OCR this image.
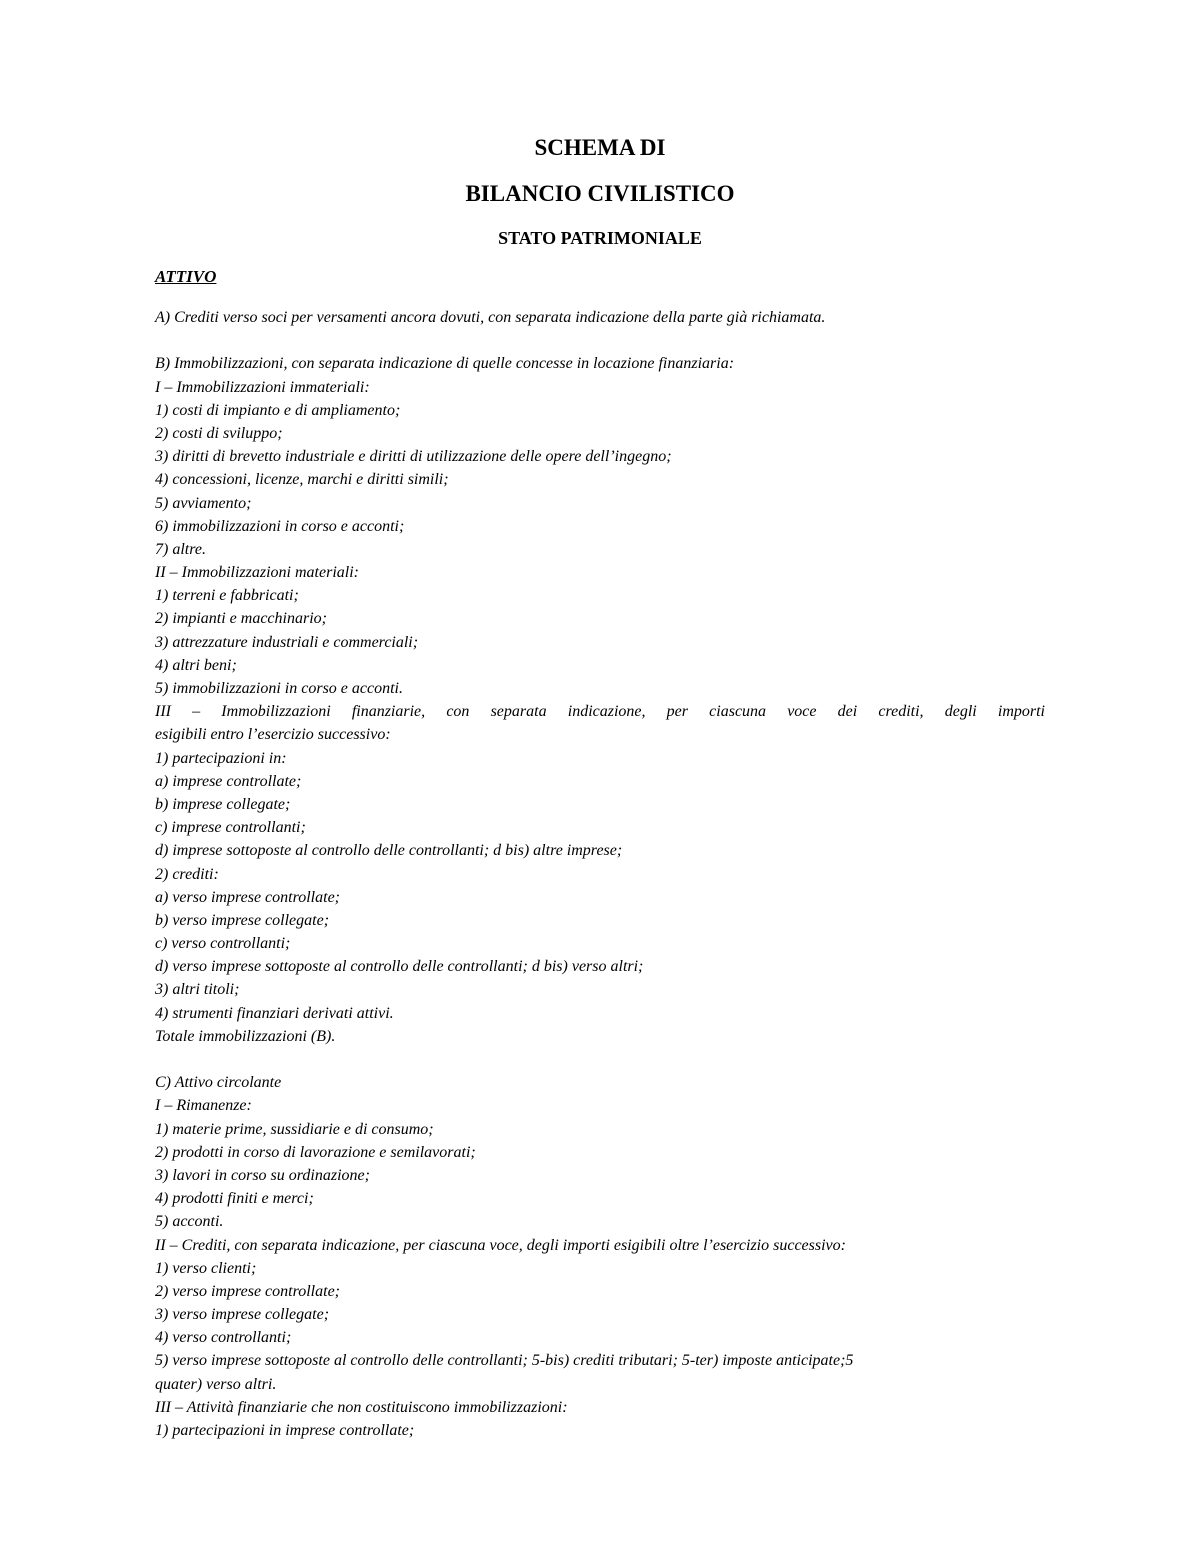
SCHEMA DI
BILANCIO CIVILISTICO
STATO PATRIMONIALE
ATTIVO
A) Crediti verso soci per versamenti ancora dovuti, con separata indicazione della parte già richiamata.
B) Immobilizzazioni, con separata indicazione di quelle concesse in locazione finanziaria:
I – Immobilizzazioni immateriali:
1) costi di impianto e di ampliamento;
2) costi di sviluppo;
3) diritti di brevetto industriale e diritti di utilizzazione delle opere dell’ingegno;
4) concessioni, licenze, marchi e diritti simili;
5) avviamento;
6) immobilizzazioni in corso e acconti;
7) altre.
II – Immobilizzazioni materiali:
1) terreni e fabbricati;
2) impianti e macchinario;
3) attrezzature industriali e commerciali;
4) altri beni;
5) immobilizzazioni in corso e acconti.
III – Immobilizzazioni finanziarie, con separata indicazione, per ciascuna voce dei crediti, degli importi
esigibili entro l’esercizio successivo:
1) partecipazioni in:
a) imprese controllate;
b) imprese collegate;
c) imprese controllanti;
d) imprese sottoposte al controllo delle controllanti; d bis) altre imprese;
2) crediti:
a) verso imprese controllate;
b) verso imprese collegate;
c) verso controllanti;
d) verso imprese sottoposte al controllo delle controllanti; d bis) verso altri;
3) altri titoli;
4) strumenti finanziari derivati attivi.
Totale immobilizzazioni (B).
C) Attivo circolante
I – Rimanenze:
1) materie prime, sussidiarie e di consumo;
2) prodotti in corso di lavorazione e semilavorati;
3) lavori in corso su ordinazione;
4) prodotti finiti e merci;
5) acconti.
II – Crediti, con separata indicazione, per ciascuna voce, degli importi esigibili oltre l’esercizio successivo:
1) verso clienti;
2) verso imprese controllate;
3) verso imprese collegate;
4) verso controllanti;
5) verso imprese sottoposte al controllo delle controllanti; 5-bis) crediti tributari; 5-ter) imposte anticipate;5
quater) verso altri.
III – Attività finanziarie che non costituiscono immobilizzazioni:
1) partecipazioni in imprese controllate;
